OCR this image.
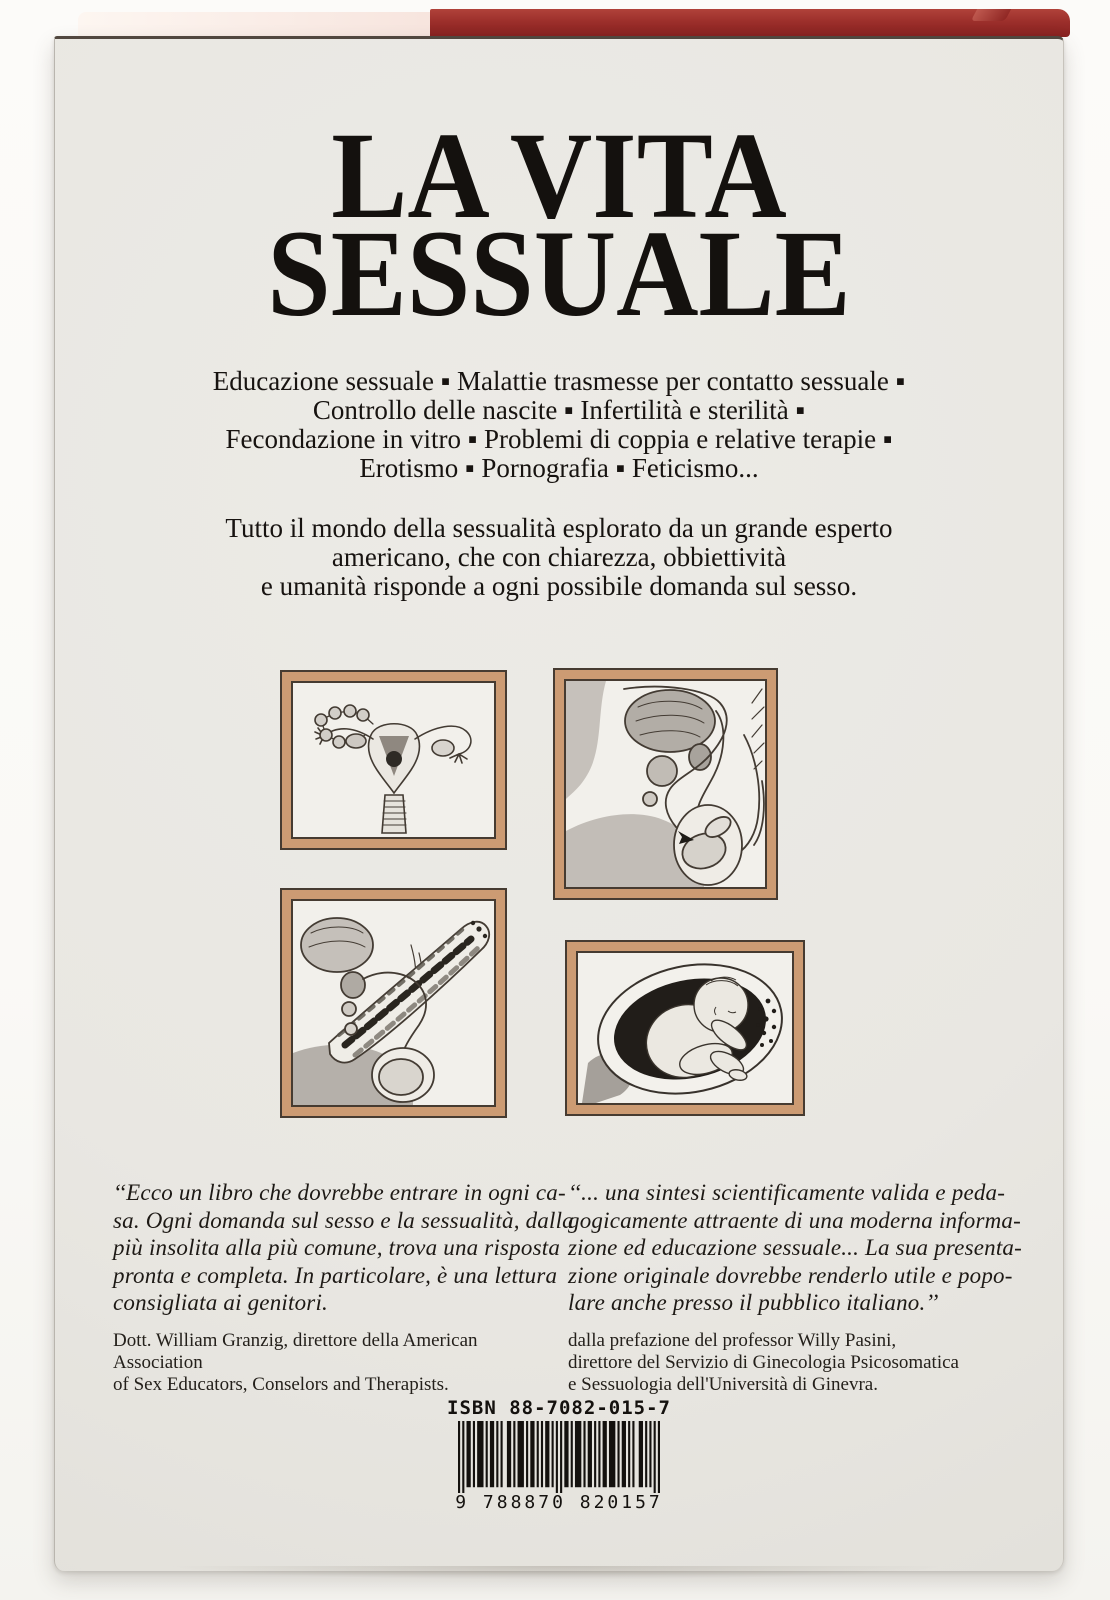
LA VITA
SESSUALE
Educazione sessuale ▪ Malattie trasmesse per contatto sessuale ▪
Controllo delle nascite ▪ Infertilità e sterilità ▪
Fecondazione in vitro ▪ Problemi di coppia e relative terapie ▪
Erotismo ▪ Pornografia ▪ Feticismo...
Tutto il mondo della sessualità esplorato da un grande esperto
americano, che con chiarezza, obbiettività
e umanità risponde a ogni possibile domanda sul sesso.
‘‘Ecco un libro che dovrebbe entrare in ogni ca-
sa. Ogni domanda sul sesso e la sessualità, dalla
più insolita alla più comune, trova una risposta
pronta e completa. In particolare, è una lettura
consigliata ai genitori.
Dott. William Granzig, direttore della American Association
of Sex Educators, Conselors and Therapists.
‘‘... una sintesi scientificamente valida e peda-
gogicamente attraente di una moderna informa-
zione ed educazione sessuale... La sua presenta-
zione originale dovrebbe renderlo utile e popo-
lare anche presso il pubblico italiano.’’
dalla prefazione del professor Willy Pasini,
direttore del Servizio di Ginecologia Psicosomatica
e Sessuologia dell'Università di Ginevra.
ISBN 88-7082-015-7
9 788870 820157
